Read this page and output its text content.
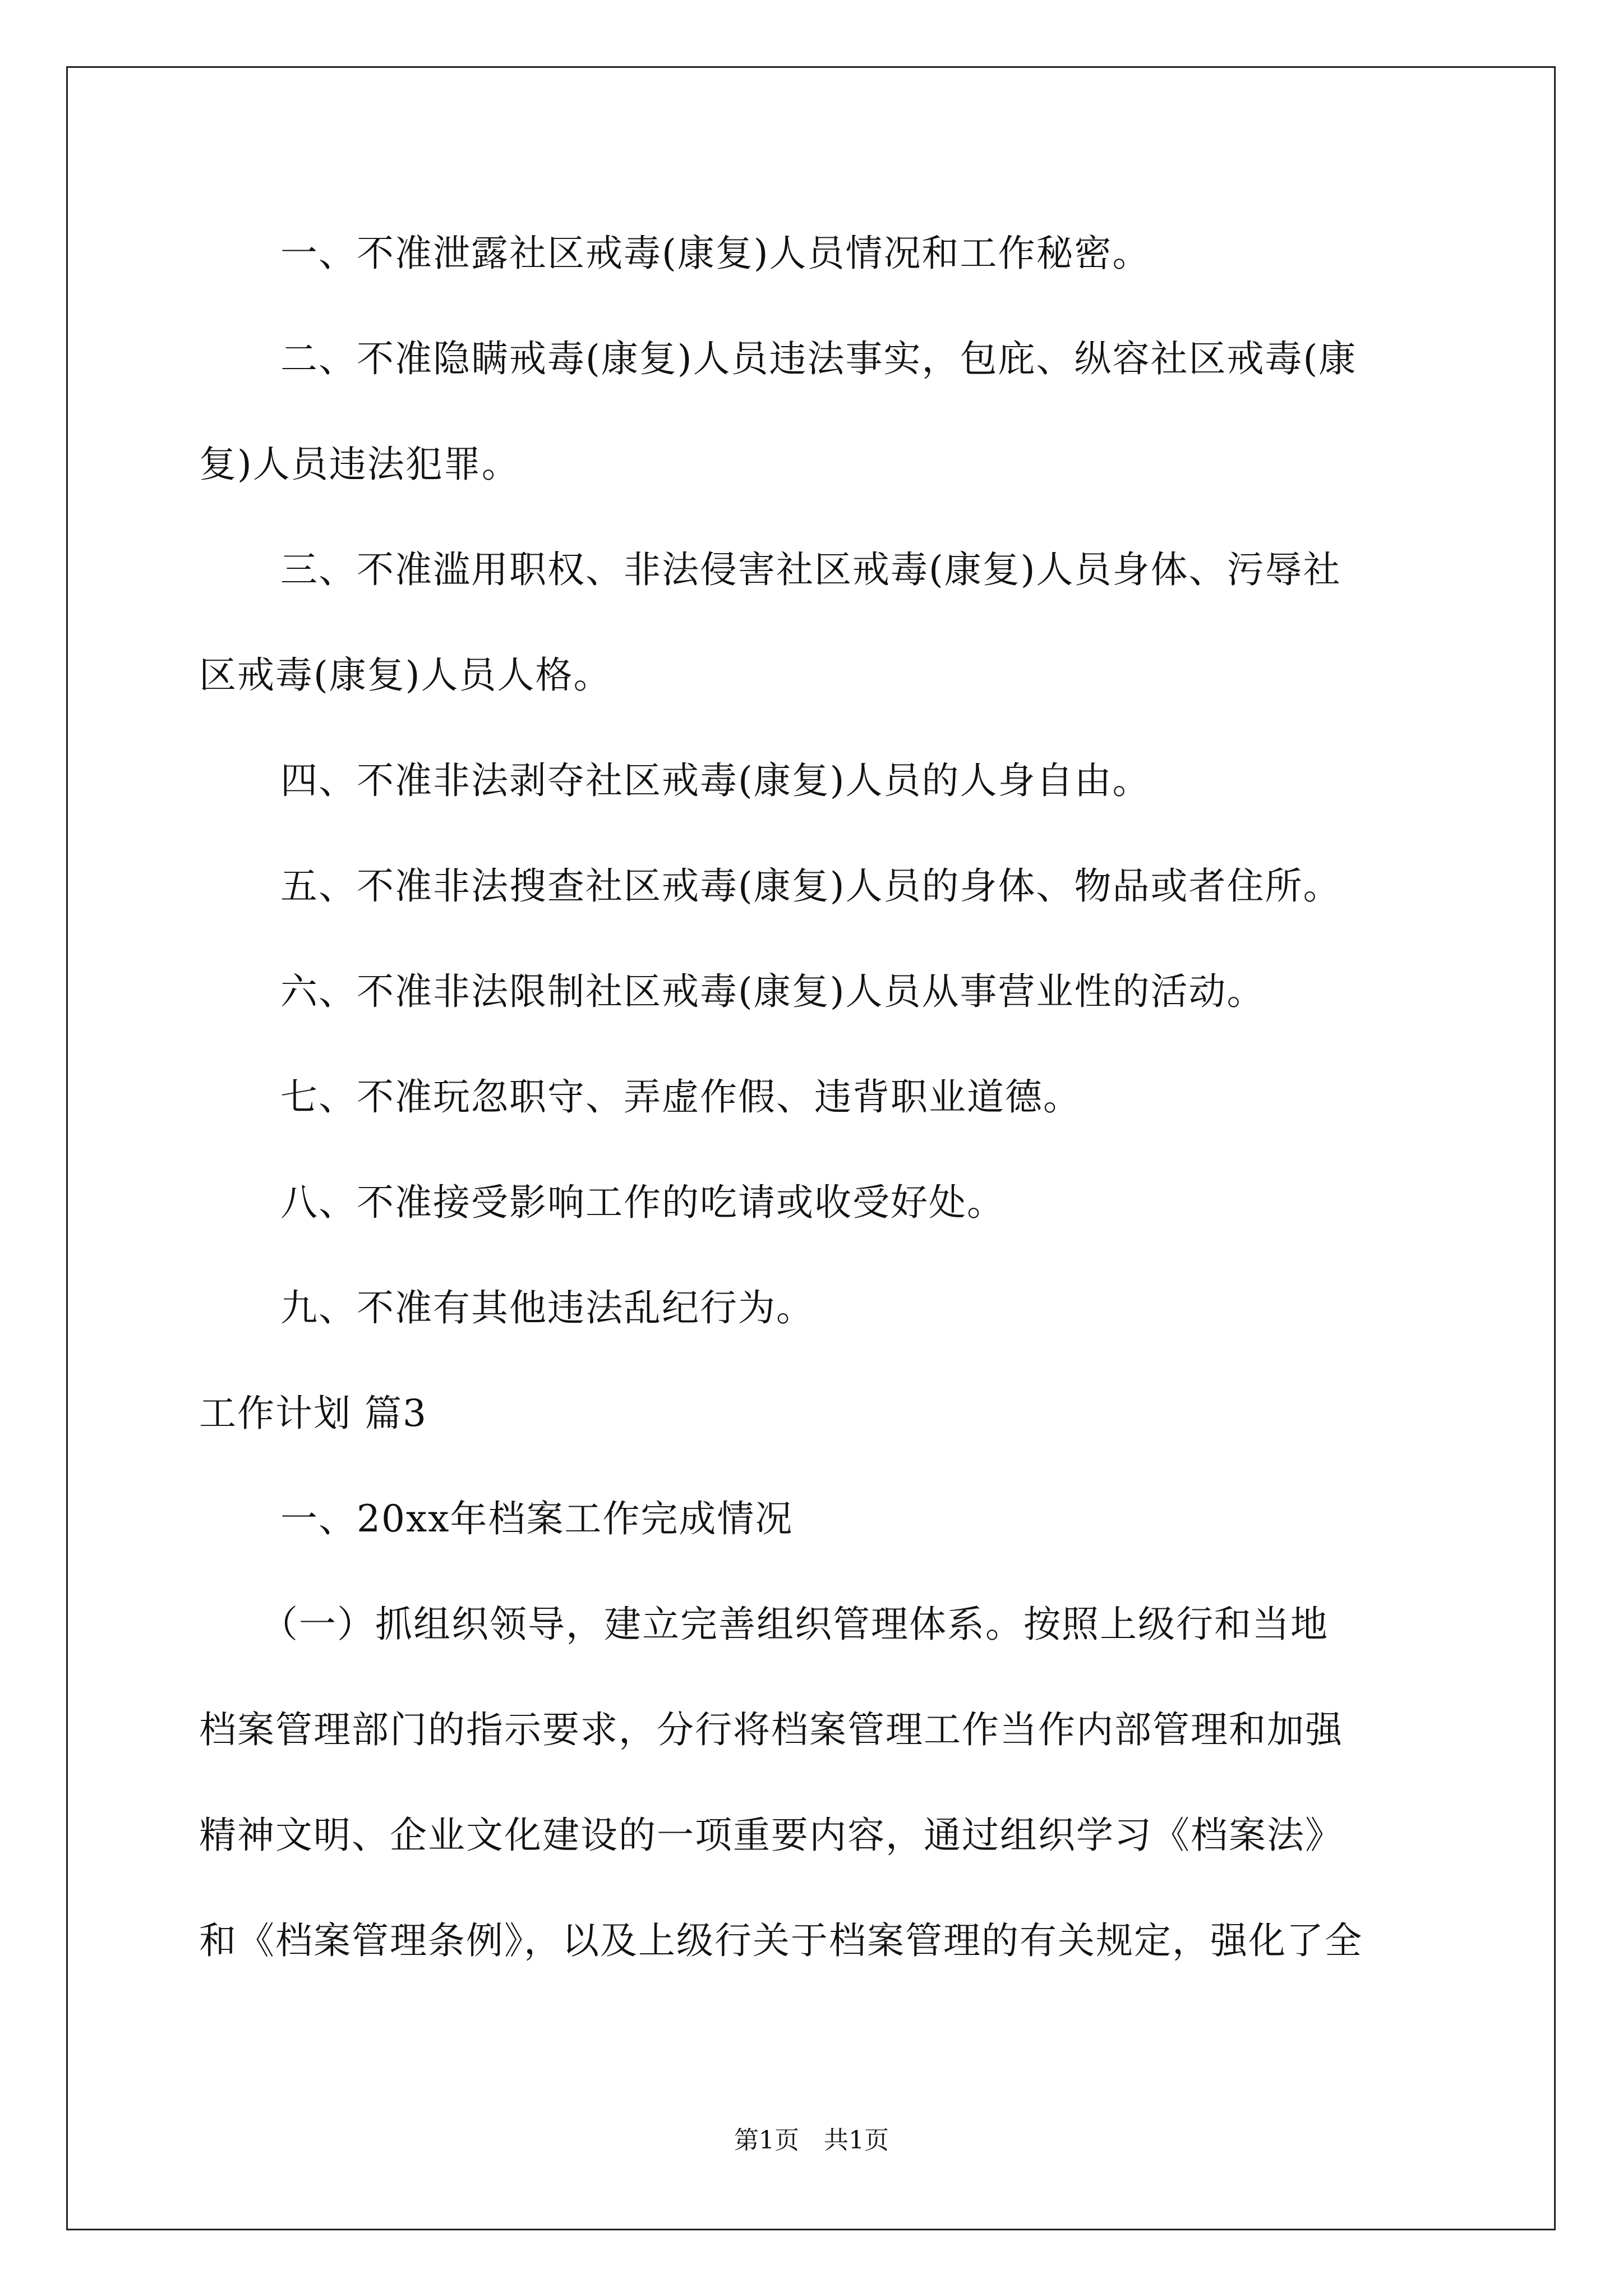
一、不准泄露社区戒毒(康复)人员情况和工作秘密。
二、不准隐瞒戒毒(康复)人员违法事实，包庇、纵容社区戒毒(康
复)人员违法犯罪。
三、不准滥用职权、非法侵害社区戒毒(康复)人员身体、污辱社
区戒毒(康复)人员人格。
四、不准非法剥夺社区戒毒(康复)人员的人身自由。
五、不准非法搜查社区戒毒(康复)人员的身体、物品或者住所。
六、不准非法限制社区戒毒(康复)人员从事营业性的活动。
七、不准玩忽职守、弄虚作假、违背职业道德。
八、不准接受影响工作的吃请或收受好处。
九、不准有其他违法乱纪行为。
工作计划 篇3
一、20xx年档案工作完成情况
（一）抓组织领导，建立完善组织管理体系。按照上级行和当地
档案管理部门的指示要求，分行将档案管理工作当作内部管理和加强
精神文明、企业文化建设的一项重要内容，通过组织学习《档案法》
和《档案管理条例》，以及上级行关于档案管理的有关规定，强化了全
第1页　共1页
